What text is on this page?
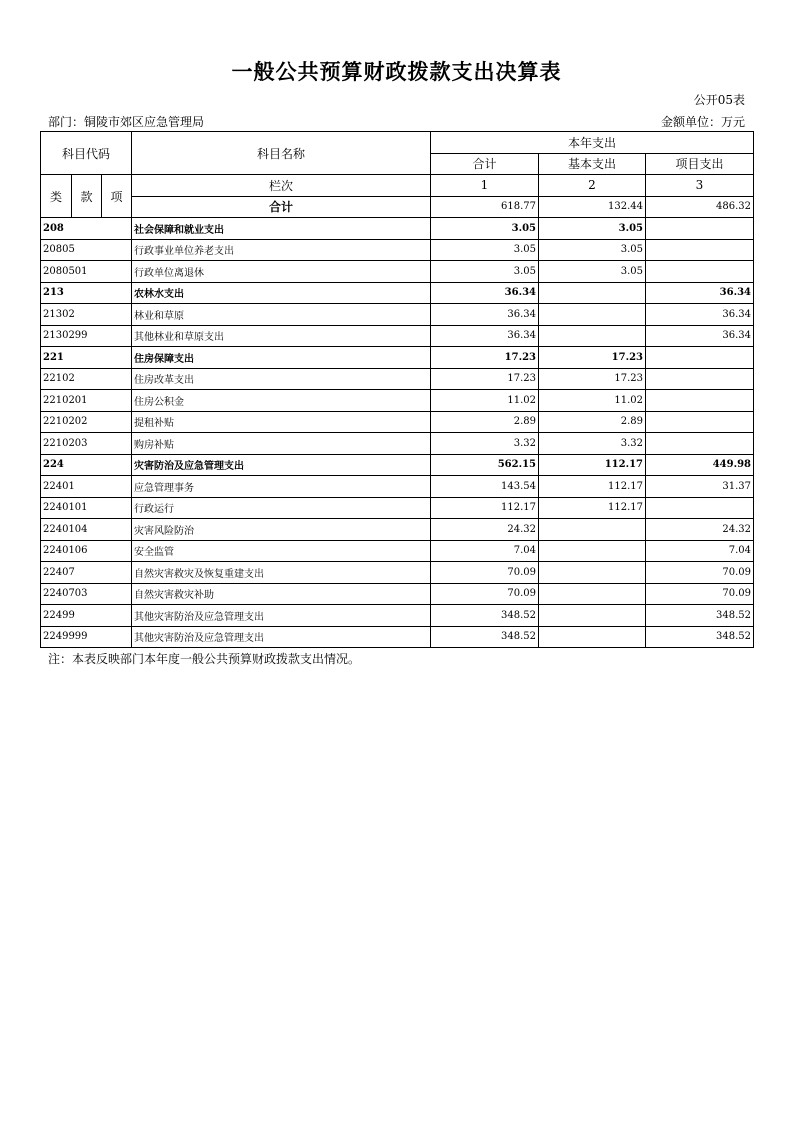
一般公共预算财政拨款支出决算表
公开05表
部门：铜陵市郊区应急管理局	金额单位：万元
科目代码			科目名称	本年支出		
				合计	基本支出	项目支出
类	款	项	栏次	1	2	3
			合计	618.77	132.44	486.32
208			社会保障和就业支出	3.05	3.05	
20805			行政事业单位养老支出	3.05	3.05	
2080501			行政单位离退休	3.05	3.05	
213			农林水支出	36.34		36.34
21302			林业和草原	36.34		36.34
2130299			其他林业和草原支出	36.34		36.34
221			住房保障支出	17.23	17.23	
22102			住房改革支出	17.23	17.23	
2210201			住房公积金	11.02	11.02	
2210202			提租补贴	2.89	2.89	
2210203			购房补贴	3.32	3.32	
224			灾害防治及应急管理支出	562.15	112.17	449.98
22401			应急管理事务	143.54	112.17	31.37
2240101			行政运行	112.17	112.17	
2240104			灾害风险防治	24.32		24.32
2240106			安全监管	7.04		7.04
22407			自然灾害救灾及恢复重建支出	70.09		70.09
2240703			自然灾害救灾补助	70.09		70.09
22499			其他灾害防治及应急管理支出	348.52		348.52
2249999			其他灾害防治及应急管理支出	348.52		348.52
注：本表反映部门本年度一般公共预算财政拨款支出情况。
